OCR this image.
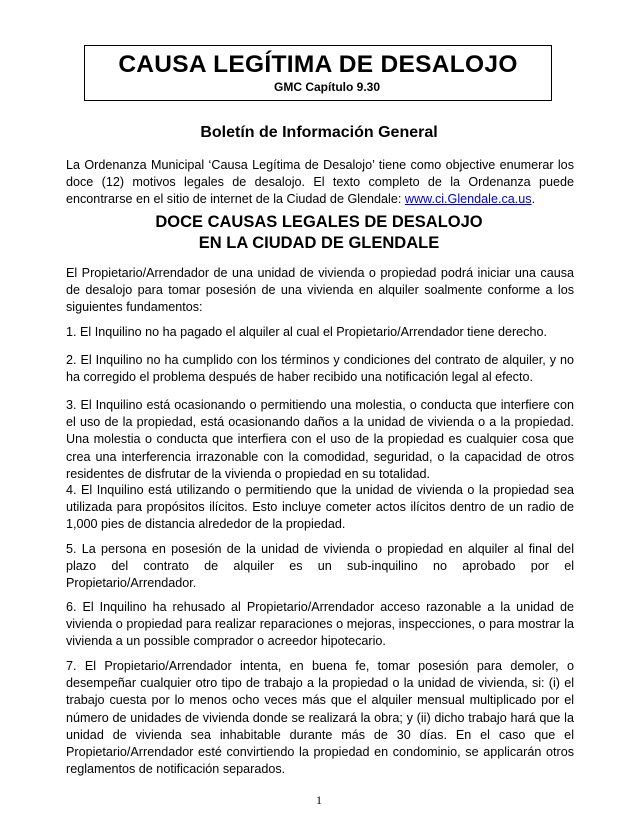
CAUSA LEGÍTIMA DE DESALOJO
GMC Capítulo 9.30
Boletín de Información General

La Ordenanza Municipal ‘Causa Legítima de Desalojo’ tiene como objective enumerar los doce (12) motivos legales de desalojo. El texto completo de la Ordenanza puede encontrarse en el sitio de internet de la Ciudad de Glendale: www.ci.Glendale.ca.us.

DOCE CAUSAS LEGALES DE DESALOJO
EN LA CIUDAD DE GLENDALE

El Propietario/Arrendador de una unidad de vivienda o propiedad podrá iniciar una causa de desalojo para tomar posesión de una vivienda en alquiler soalmente conforme a los siguientes fundamentos:

1. El Inquilino no ha pagado el alquiler al cual el Propietario/Arrendador tiene derecho.

2. El Inquilino no ha cumplido con los términos y condiciones del contrato de alquiler, y no ha corregido el problema después de haber recibido una notificación legal al efecto.

3. El Inquilino está ocasionando o permitiendo una molestia, o conducta que interfiere con el uso de la propiedad, está ocasionando daños a la unidad de vivienda o a la propiedad. Una molestia o conducta que interfiera con el uso de la propiedad es cualquier cosa que crea una interferencia irrazonable con la comodidad, seguridad, o la capacidad de otros residentes de disfrutar de la vivienda o propiedad en su totalidad.

4. El Inquilino está utilizando o permitiendo que la unidad de vivienda o la propiedad sea utilizada para propósitos ilícitos. Esto incluye cometer actos ilícitos dentro de un radio de 1,000 pies de distancia alrededor de la propiedad.

5. La persona en posesión de la unidad de vivienda o propiedad en alquiler al final del plazo del contrato de alquiler es un sub-inquilino no aprobado por el Propietario/Arrendador.

6. El Inquilino ha rehusado al Propietario/Arrendador acceso razonable a la unidad de vivienda o propiedad para realizar reparaciones o mejoras, inspecciones, o para mostrar la vivienda a un possible comprador o acreedor hipotecario.

7. El Propietario/Arrendador intenta, en buena fe, tomar posesión para demoler, o desempeñar cualquier otro tipo de trabajo a la propiedad o la unidad de vivienda, si: (i) el trabajo cuesta por lo menos ocho veces más que el alquiler mensual multiplicado por el número de unidades de vivienda donde se realizará la obra; y (ii) dicho trabajo hará que la unidad de vivienda sea inhabitable durante más de 30 días. En el caso que el Propietario/Arrendador esté convirtiendo la propiedad en condominio, se applicarán otros reglamentos de notificación separados.

1
